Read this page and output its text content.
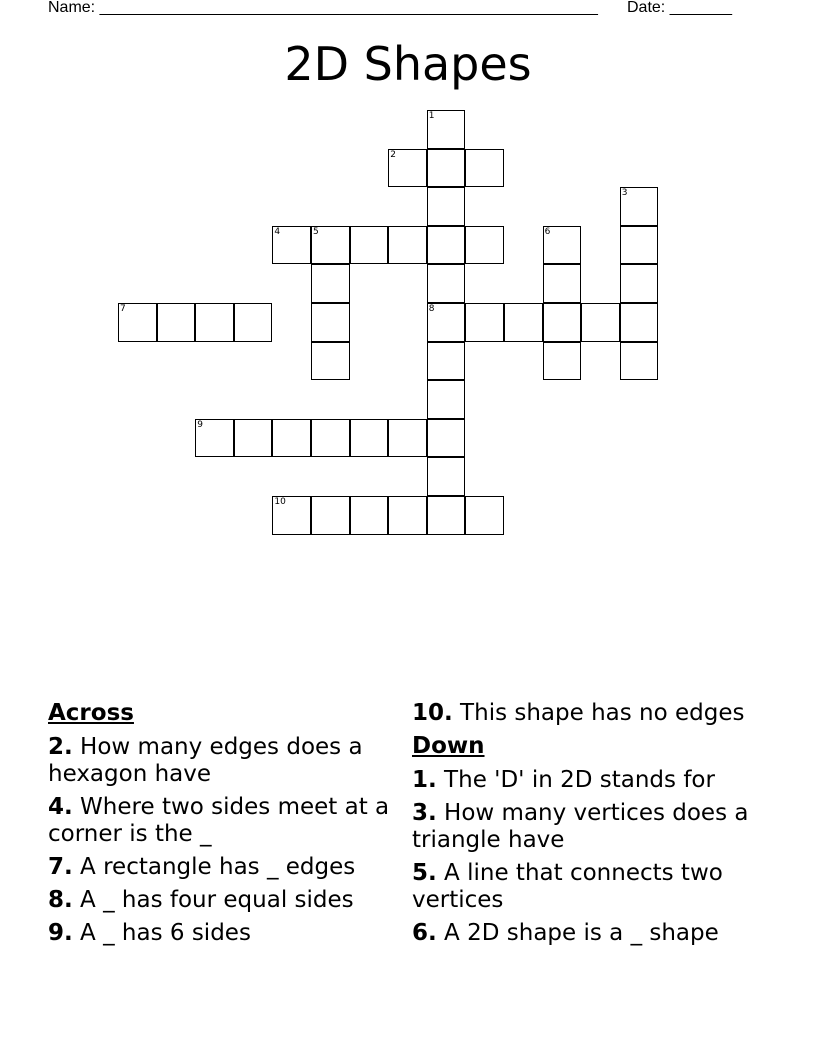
Name: ________________________________________________________ Date: _______
2D Shapes
1
2
3
4	5	6
7	8
9
10
Across
2. How many edges does a hexagon have
4. Where two sides meet at a corner is the _
7. A rectangle has _ edges
8. A _ has four equal sides
9. A _ has 6 sides
10. This shape has no edges
Down
1. The 'D' in 2D stands for
3. How many vertices does a triangle have
5. A line that connects two vertices
6. A 2D shape is a _ shape
